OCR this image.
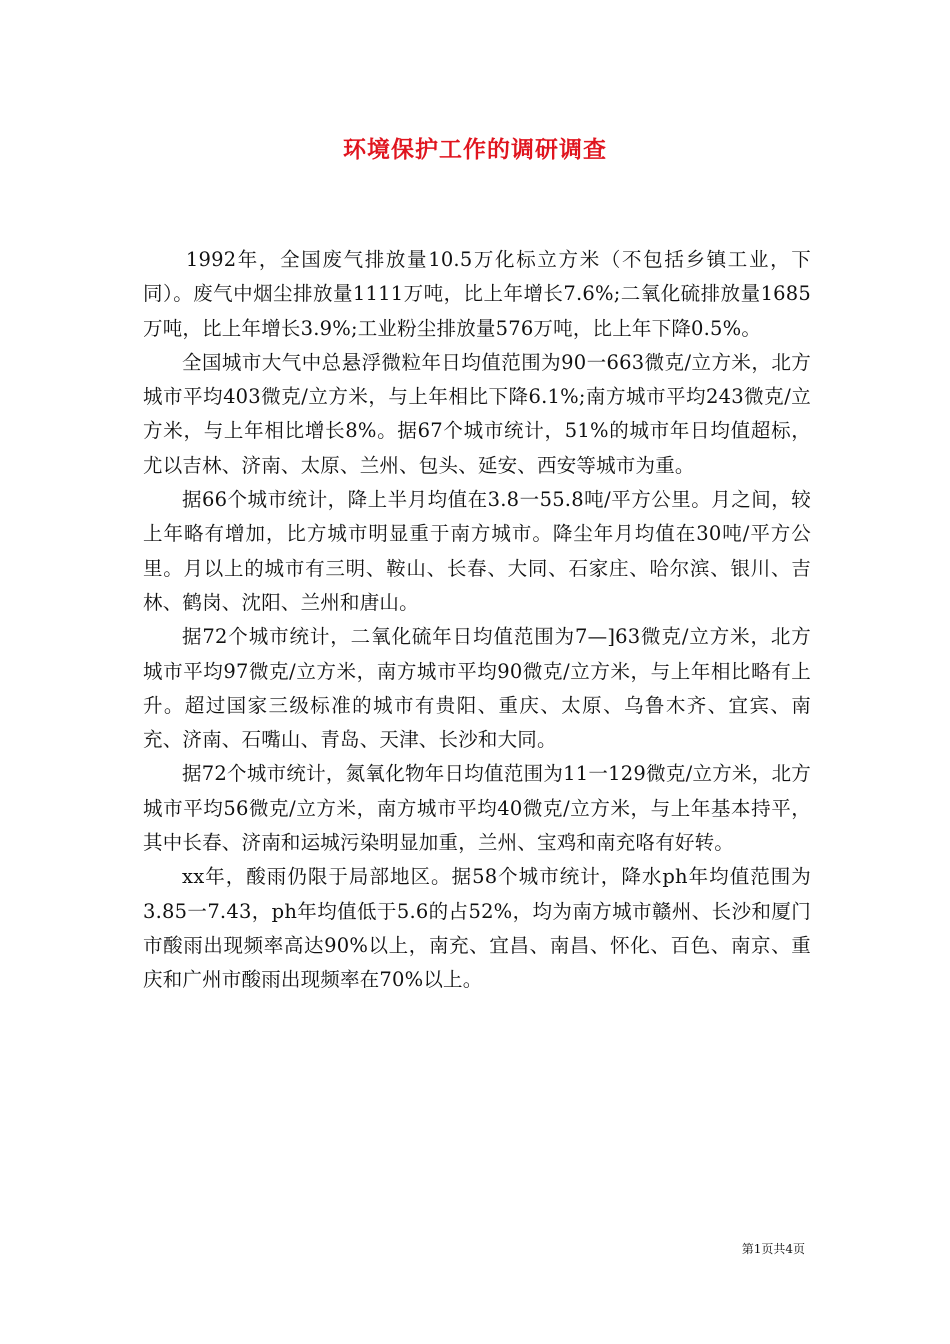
环境保护工作的调研调查

1992年，全国废气排放量10.5万化标立方米（不包括乡镇工业，下同）。废气中烟尘排放量1111万吨，比上年增长7.6%;二氧化硫排放量1685万吨，比上年增长3.9%;工业粉尘排放量576万吨，比上年下降0.5%。

全国城市大气中总悬浮微粒年日均值范围为90一663微克/立方米，北方城市平均403微克/立方米，与上年相比下降6.1%;南方城市平均243微克/立方米，与上年相比增长8%。据67个城市统计，51%的城市年日均值超标，尤以吉林、济南、太原、兰州、包头、延安、西安等城市为重。

据66个城市统计，降上半月均值在3.8一55.8吨/平方公里。月之间，较上年略有增加，比方城市明显重于南方城市。降尘年月均值在30吨/平方公里。月以上的城市有三明、鞍山、长春、大同、石家庄、哈尔滨、银川、吉林、鹤岗、沈阳、兰州和唐山。

据72个城市统计，二氧化硫年日均值范围为7—]63微克/立方米，北方城市平均97微克/立方米，南方城市平均90微克/立方米，与上年相比略有上升。超过国家三级标准的城市有贵阳、重庆、太原、乌鲁木齐、宜宾、南充、济南、石嘴山、青岛、天津、长沙和大同。

据72个城市统计，氮氧化物年日均值范围为11一129微克/立方米，北方城市平均56微克/立方米，南方城市平均40微克/立方米，与上年基本持平，其中长春、济南和运城污染明显加重，兰州、宝鸡和南充咯有好转。

xx年，酸雨仍限于局部地区。据58个城市统计，降水ph年均值范围为3.85一7.43，ph年均值低于5.6的占52%，均为南方城市赣州、长沙和厦门市酸雨出现频率高达90%以上，南充、宜昌、南昌、怀化、百色、南京、重庆和广州市酸雨出现频率在70%以上。

第1页共4页
